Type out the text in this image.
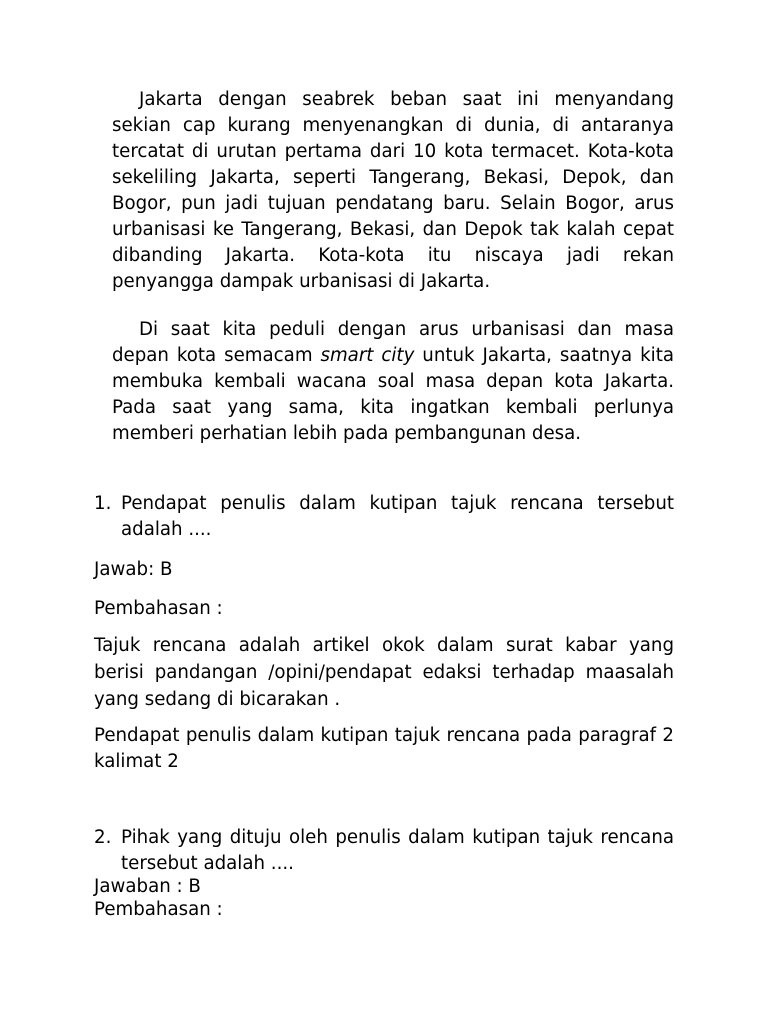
Jakarta dengan seabrek beban saat ini menyandang sekian cap kurang menyenangkan di dunia, di antaranya tercatat di urutan pertama dari 10 kota termacet. Kota-kota sekeliling Jakarta, seperti Tangerang, Bekasi, Depok, dan Bogor, pun jadi tujuan pendatang baru. Selain Bogor, arus urbanisasi ke Tangerang, Bekasi, dan Depok tak kalah cepat dibanding Jakarta. Kota-kota itu niscaya jadi rekan penyangga dampak urbanisasi di Jakarta.

Di saat kita peduli dengan arus urbanisasi dan masa depan kota semacam smart city untuk Jakarta, saatnya kita membuka kembali wacana soal masa depan kota Jakarta. Pada saat yang sama, kita ingatkan kembali perlunya memberi perhatian lebih pada pembangunan desa.

1. Pendapat penulis dalam kutipan tajuk rencana tersebut adalah ....

Jawab: B

Pembahasan :

Tajuk rencana adalah artikel okok dalam surat kabar yang berisi pandangan /opini/pendapat edaksi terhadap maasalah yang sedang di bicarakan .

Pendapat penulis dalam kutipan tajuk rencana pada paragraf 2 kalimat 2

2. Pihak yang dituju oleh penulis dalam kutipan tajuk rencana tersebut adalah ....

Jawaban : B

Pembahasan :
